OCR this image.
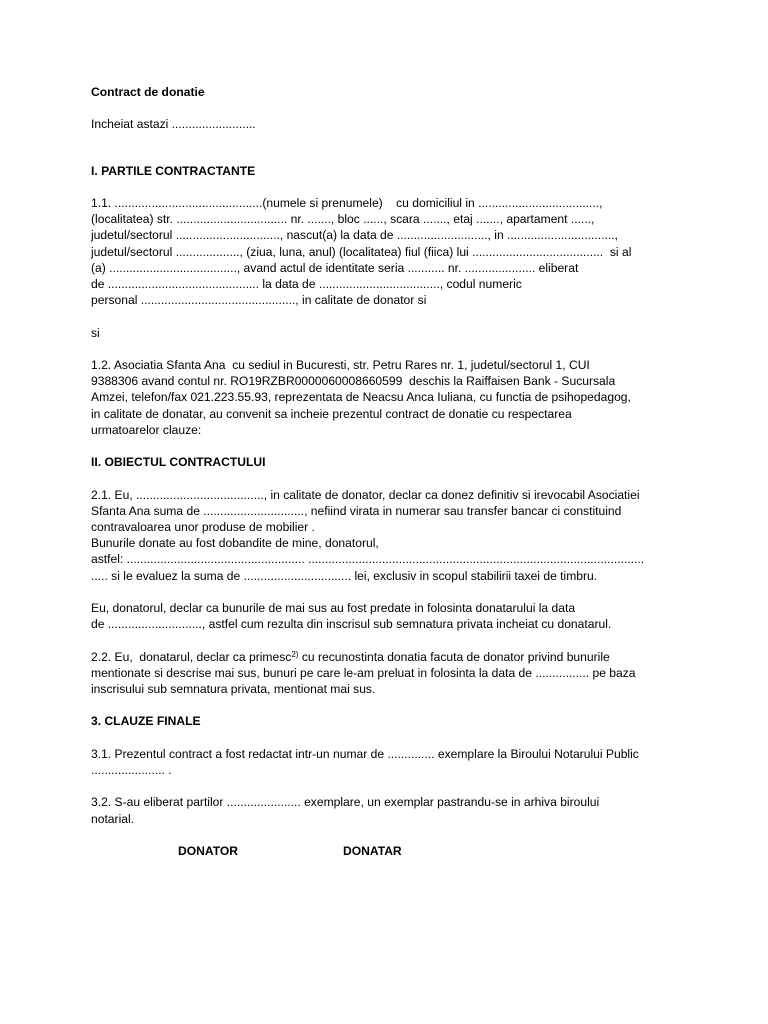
Contract de donatie
Incheiat astazi .........................
I. PARTILE CONTRACTANTE
1.1. ............................................(numele si prenumele)    cu domiciliul in ....................................,
(localitatea) str. ................................. nr. ......., bloc ......, scara ......., etaj ......., apartament ......,
judetul/sectorul ..............................., nascut(a) la data de ..........................., in ................................,
judetul/sectorul ..................., (ziua, luna, anul) (localitatea) fiul (fiica) lui .......................................  si al
(a) ......................................, avand actul de identitate seria ........... nr. ..................... eliberat
de ............................................. la data de ...................................., codul numeric
personal .............................................., in calitate de donator si
si
1.2. Asociatia Sfanta Ana  cu sediul in Bucuresti, str. Petru Rares nr. 1, judetul/sectorul 1, CUI
9388306 avand contul nr. RO19RZBR0000060008660599  deschis la Raiffaisen Bank - Sucursala
Amzei, telefon/fax 021.223.55.93, reprezentata de Neacsu Anca Iuliana, cu functia de psihopedagog,
in calitate de donatar, au convenit sa incheie prezentul contract de donatie cu respectarea
urmatoarelor clauze:
II. OBIECTUL CONTRACTULUI
2.1. Eu, ......................................, in calitate de donator, declar ca donez definitiv si irevocabil Asociatiei
Sfanta Ana suma de .............................., nefiind virata in numerar sau transfer bancar ci constituind
contravaloarea unor produse de mobilier .
Bunurile donate au fost dobandite de mine, donatorul,
astfel: ..................................................... ....................................................................................................
..... si le evaluez la suma de ................................ lei, exclusiv in scopul stabilirii taxei de timbru.
Eu, donatorul, declar ca bunurile de mai sus au fost predate in folosinta donatarului la data
de ............................, astfel cum rezulta din inscrisul sub semnatura privata incheiat cu donatarul.
2.2. Eu,  donatarul, declar ca primesc$^{2)}$ cu recunostinta donatia facuta de donator privind bunurile
mentionate si descrise mai sus, bunuri pe care le-am preluat in folosinta la data de ................ pe baza
inscrisului sub semnatura privata, mentionat mai sus.
3. CLAUZE FINALE
3.1. Prezentul contract a fost redactat intr-un numar de .............. exemplare la Biroului Notarului Public
...................... .
3.2. S-au eliberat partilor ...................... exemplare, un exemplar pastrandu-se in arhiva biroului
notarial.
DONATOR	DONATAR
